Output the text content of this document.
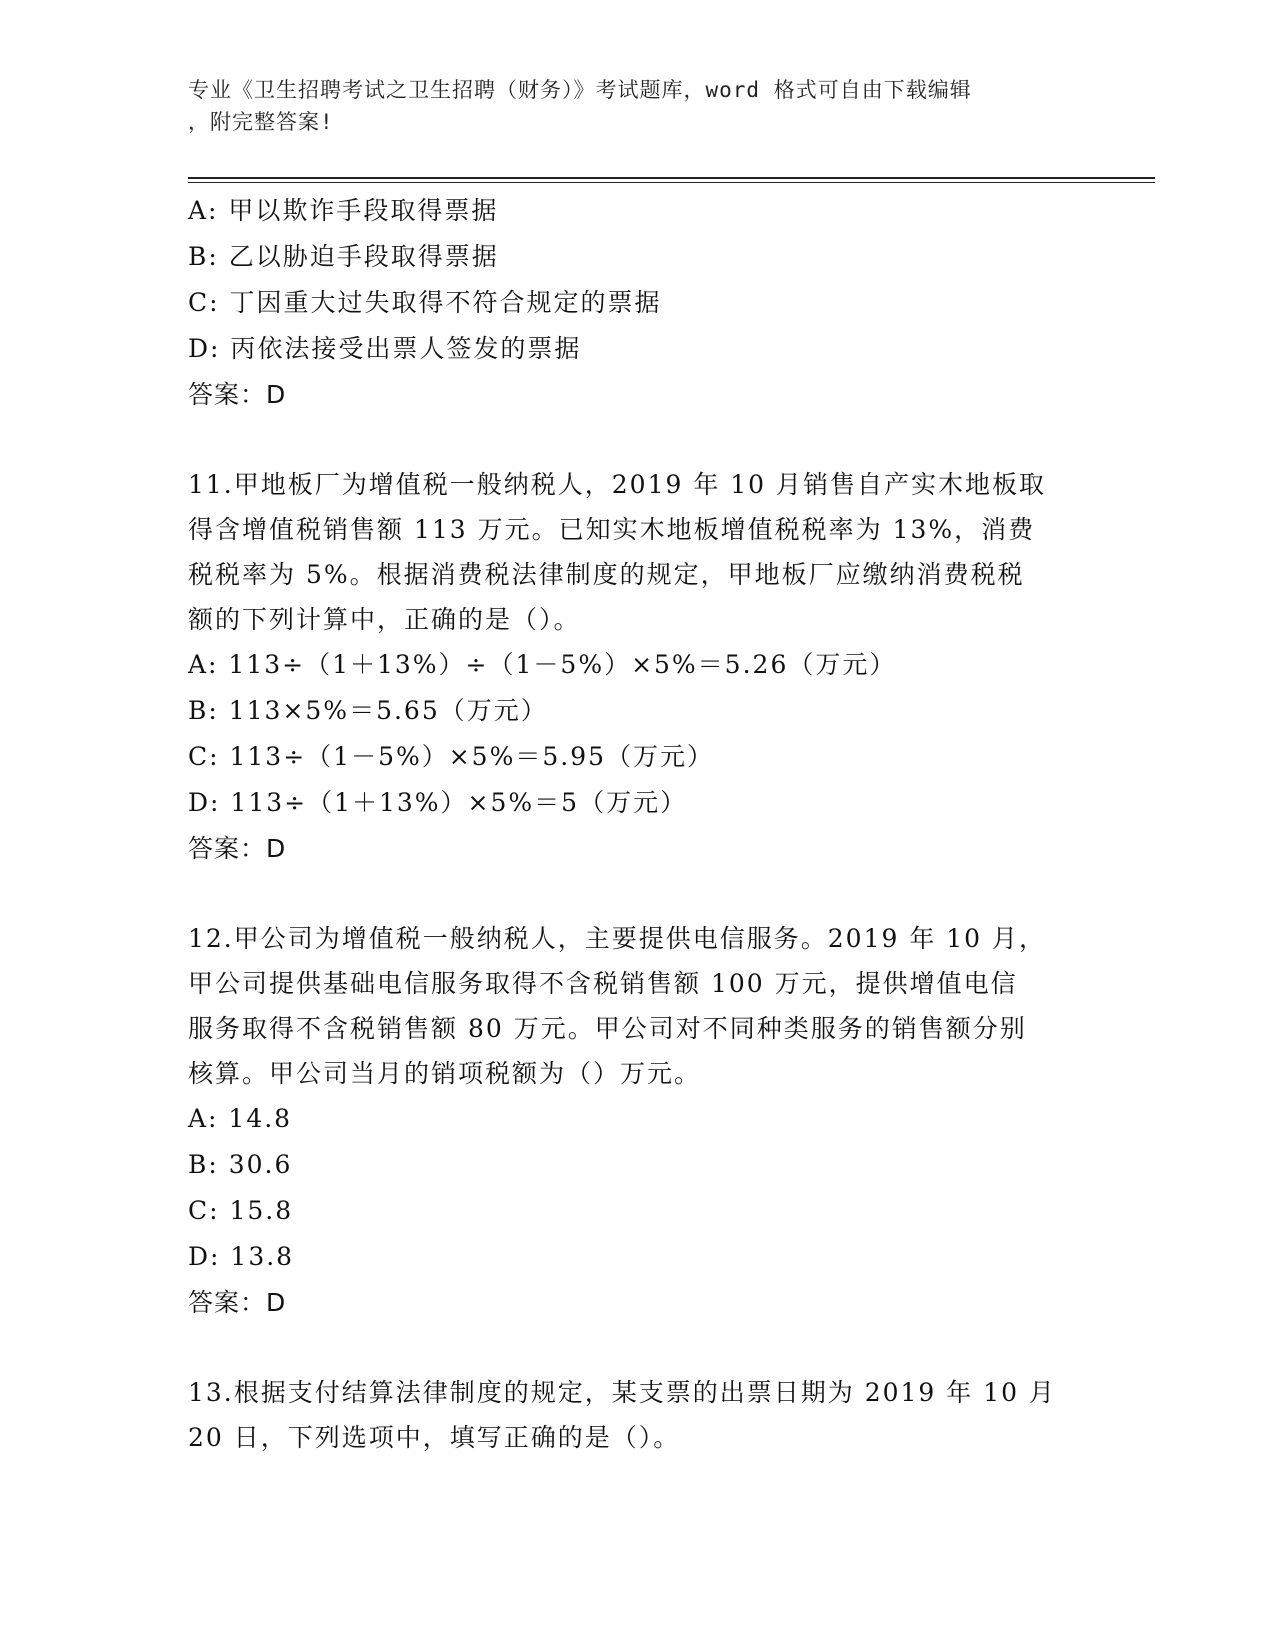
专业《卫生招聘考试之卫生招聘（财务）》考试题库，word 格式可自由下载编辑
，附完整答案!
A: 甲以欺诈手段取得票据
B: 乙以胁迫手段取得票据
C: 丁因重大过失取得不符合规定的票据
D: 丙依法接受出票人签发的票据
答案：D
11.甲地板厂为增值税一般纳税人，2019 年 10 月销售自产实木地板取
得含增值税销售额 113 万元。已知实木地板增值税税率为 13%，消费
税税率为 5%。根据消费税法律制度的规定，甲地板厂应缴纳消费税税
额的下列计算中，正确的是（）。
A: 113÷（1＋13%）÷（1－5%）×5%＝5.26（万元）
B: 113×5%＝5.65（万元）
C: 113÷（1－5%）×5%＝5.95（万元）
D: 113÷（1＋13%）×5%＝5（万元）
答案：D
12.甲公司为增值税一般纳税人，主要提供电信服务。2019 年 10 月，
甲公司提供基础电信服务取得不含税销售额 100 万元，提供增值电信
服务取得不含税销售额 80 万元。甲公司对不同种类服务的销售额分别
核算。甲公司当月的销项税额为（）万元。
A: 14.8
B: 30.6
C: 15.8
D: 13.8
答案：D
13.根据支付结算法律制度的规定，某支票的出票日期为 2019 年 10 月
20 日，下列选项中，填写正确的是（）。
